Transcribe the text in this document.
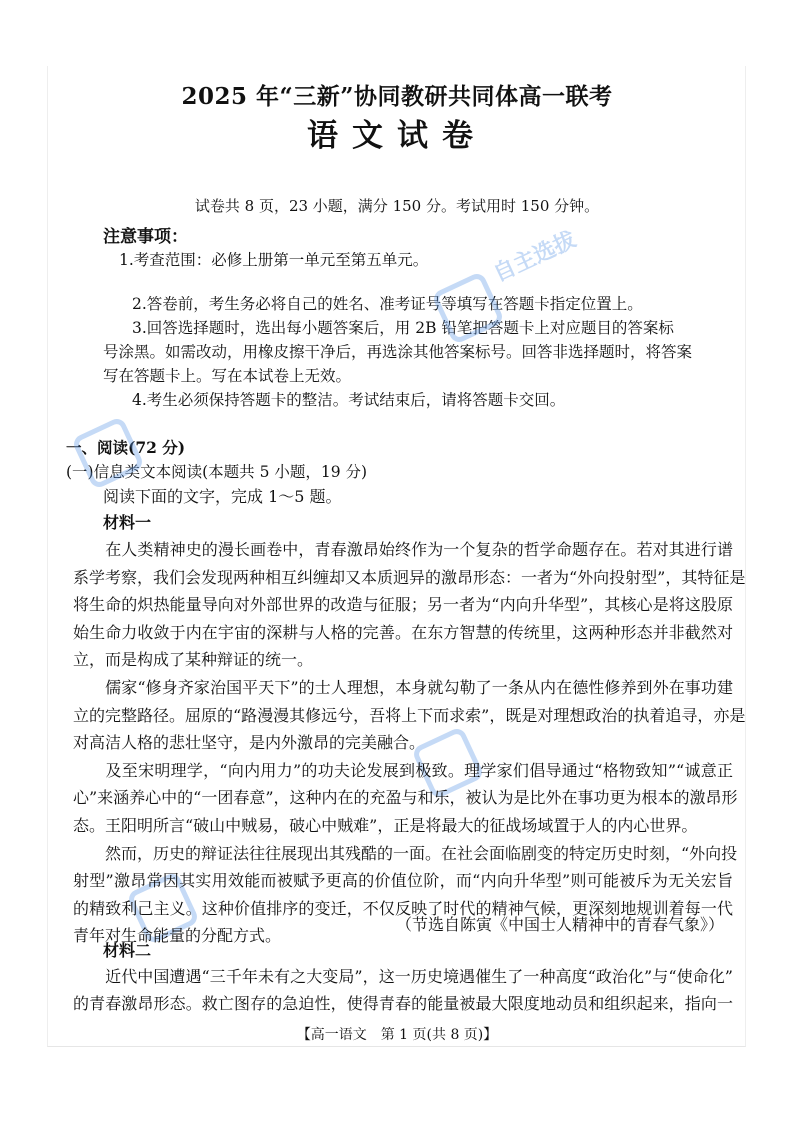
2025 年“三新”协同教研共同体高一联考
语文试卷
试卷共 8 页，23 小题，满分 150 分。考试用时 150 分钟。
注意事项：
1.考查范围：必修上册第一单元至第五单元。
2.答卷前，考生务必将自己的姓名、准考证号等填写在答题卡指定位置上。
3.回答选择题时，选出每小题答案后，用 2B 铅笔把答题卡上对应题目的答案标
号涂黑。如需改动，用橡皮擦干净后，再选涂其他答案标号。回答非选择题时，将答案
写在答题卡上。写在本试卷上无效。
4.考生必须保持答题卡的整洁。考试结束后，请将答题卡交回。
一、阅读(72 分)
(一)信息类文本阅读(本题共 5 小题，19 分)
阅读下面的文字，完成 1～5 题。
材料一
（节选自陈寅《中国士人精神中的青春气象》）
材料二
【高一语文　第 1 页(共 8 页)】
自主选拔
　　在人类精神史的漫长画卷中，青春激昂始终作为一个复杂的哲学命题存在。若对其进行谱
系学考察，我们会发现两种相互纠缠却又本质迥异的激昂形态：一者为“外向投射型”，其特征是
将生命的炽热能量导向对外部世界的改造与征服；另一者为“内向升华型”，其核心是将这股原
始生命力收敛于内在宇宙的深耕与人格的完善。在东方智慧的传统里，这两种形态并非截然对
立，而是构成了某种辩证的统一。
　　儒家“修身齐家治国平天下”的士人理想，本身就勾勒了一条从内在德性修养到外在事功建
立的完整路径。屈原的“路漫漫其修远兮，吾将上下而求索”，既是对理想政治的执着追寻，亦是
对高洁人格的悲壮坚守，是内外激昂的完美融合。
　　及至宋明理学，“向内用力”的功夫论发展到极致。理学家们倡导通过“格物致知”“诚意正
心”来涵养心中的“一团春意”，这种内在的充盈与和乐，被认为是比外在事功更为根本的激昂形
态。王阳明所言“破山中贼易，破心中贼难”，正是将最大的征战场域置于人的内心世界。
　　然而，历史的辩证法往往展现出其残酷的一面。在社会面临剧变的特定历史时刻，“外向投
射型”激昂常因其实用效能而被赋予更高的价值位阶，而“内向升华型”则可能被斥为无关宏旨
的精致利己主义。这种价值排序的变迁，不仅反映了时代的精神气候，更深刻地规训着每一代
青年对生命能量的分配方式。
　　近代中国遭遇“三千年未有之大变局”，这一历史境遇催生了一种高度“政治化”与“使命化”
的青春激昂形态。救亡图存的急迫性，使得青春的能量被最大限度地动员和组织起来，指向一
